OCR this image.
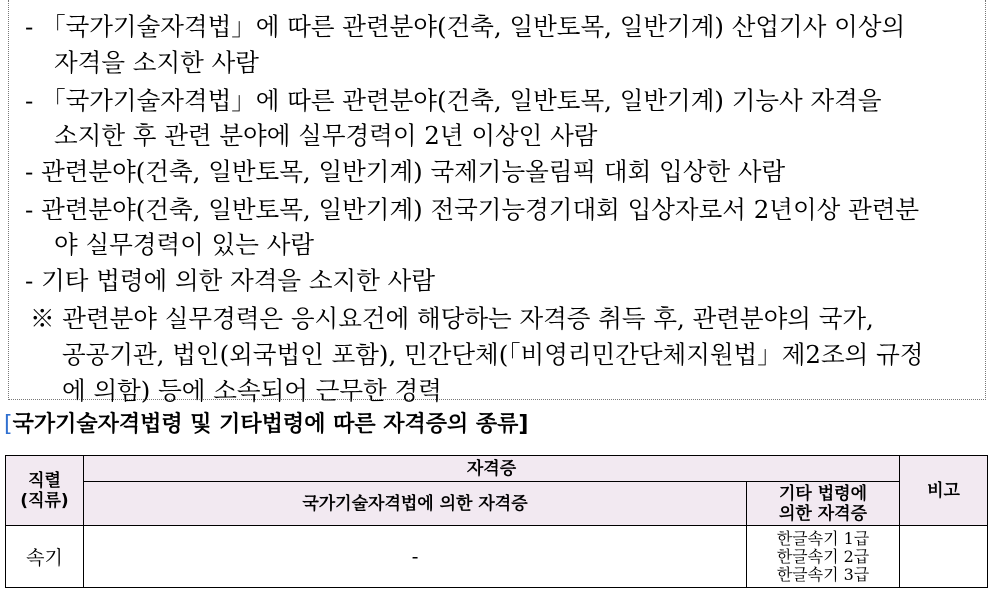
- 「국가기술자격법」에 따른 관련분야(건축, 일반토목, 일반기계) 산업기사 이상의
자격을 소지한 사람
- 「국가기술자격법」에 따른 관련분야(건축, 일반토목, 일반기계) 기능사 자격을
소지한 후 관련 분야에 실무경력이 2년 이상인 사람
- 관련분야(건축, 일반토목, 일반기계) 국제기능올림픽 대회 입상한 사람
- 관련분야(건축, 일반토목, 일반기계) 전국기능경기대회 입상자로서 2년이상 관련분
야 실무경력이 있는 사람
- 기타 법령에 의한 자격을 소지한 사람
※ 관련분야 실무경력은 응시요건에 해당하는 자격증 취득 후, 관련분야의 국가,
공공기관, 법인(외국법인 포함), 민간단체(「비영리민간단체지원법」제2조의 규정
에 의함) 등에 소속되어 근무한 경력
[국가기술자격법령 및 기타법령에 따른 자격증의 종류]
직렬
(직류)	자격증		비고
	국가기술자격법에 의한 자격증	기타 법령에
의한 자격증	
속기	-	한글속기 1급
한글속기 2급
한글속기 3급	
